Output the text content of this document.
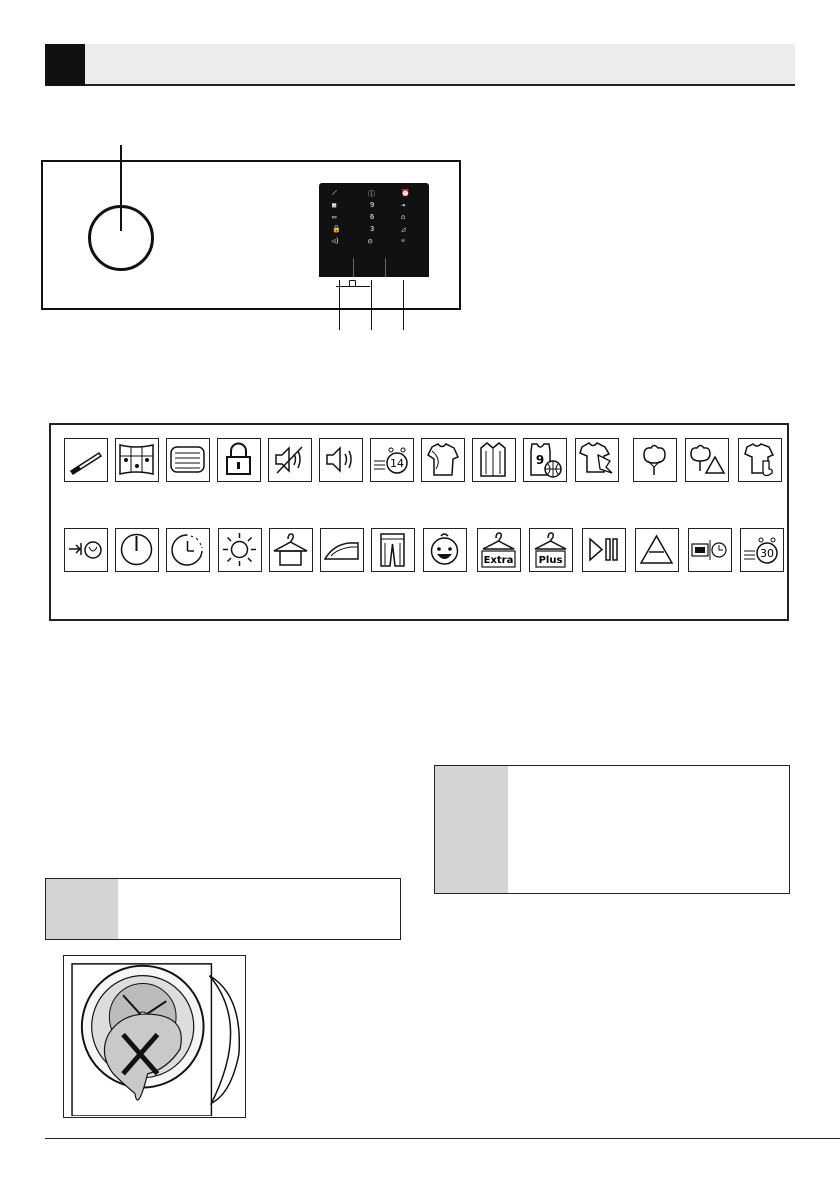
⟋	ⓘ	⏰
▦	9	⇥
▭	6	⌂
🔒	3	◿
◁)	◴	☼
14	9
Extra	Plus
30
